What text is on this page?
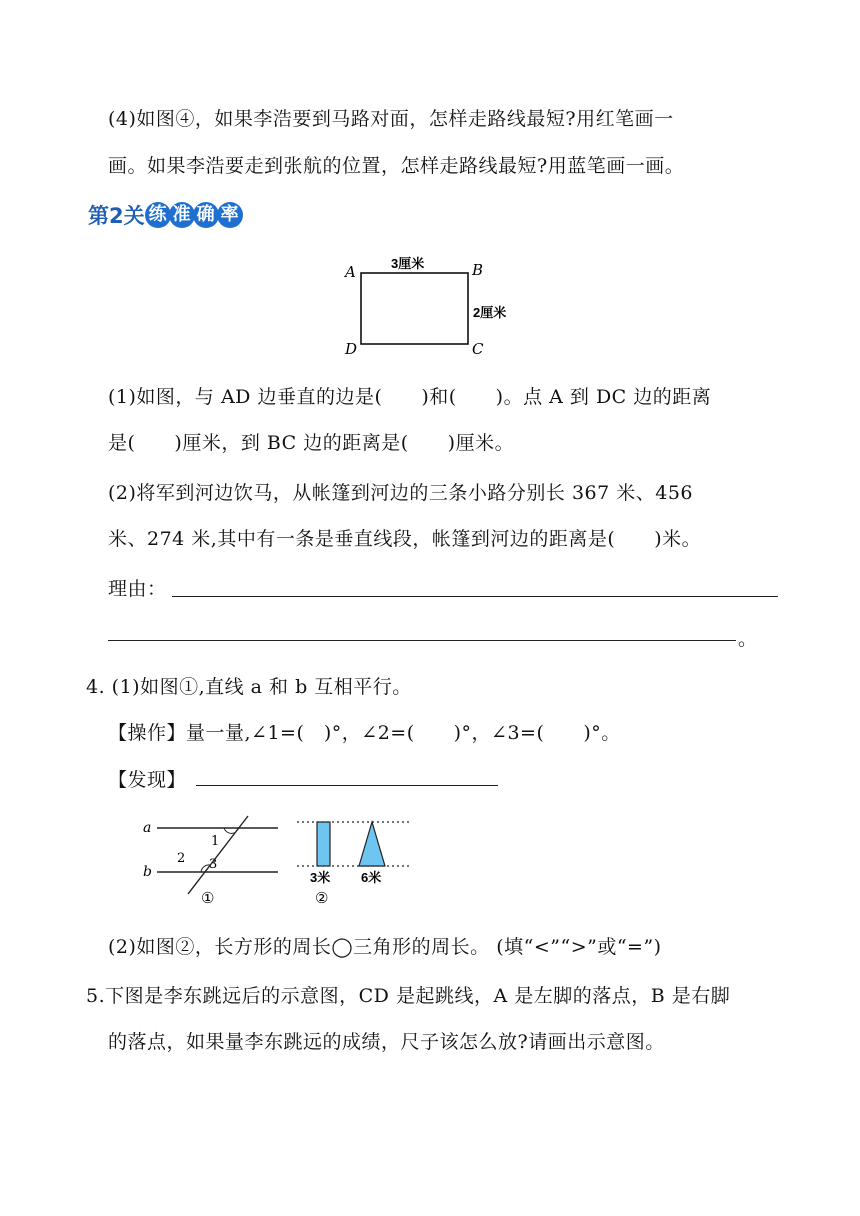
(4)如图④，如果李浩要到马路对面，怎样走路线最短?用红笔画一
画。如果李浩要走到张航的位置，怎样走路线最短?用蓝笔画一画。
第2关 练 准 确 率
A	B
C
D
3厘米
2厘米
(1)如图，与 AD 边垂直的边是(　　)和(　　)。点 A 到 DC 边的距离
是(　　)厘米，到 BC 边的距离是(　　)厘米。
(2)将军到河边饮马，从帐篷到河边的三条小路分别长 367 米、456
米、274 米,其中有一条是垂直线段，帐篷到河边的距离是(　　)米。
理由：
。
4. (1)如图①,直线 a 和 b 互相平行。
【操作】量一量,∠1=(　)°，∠2=(　　)°，∠3=(　　)°。
【发现】
a
b
1
2 3
①
3米 6米
②
(2)如图②，长方形的周长◯三角形的周长。 (填“<”“>”或“=”)
5.下图是李东跳远后的示意图，CD 是起跳线，A 是左脚的落点，B 是右脚
的落点，如果量李东跳远的成绩，尺子该怎么放?请画出示意图。
